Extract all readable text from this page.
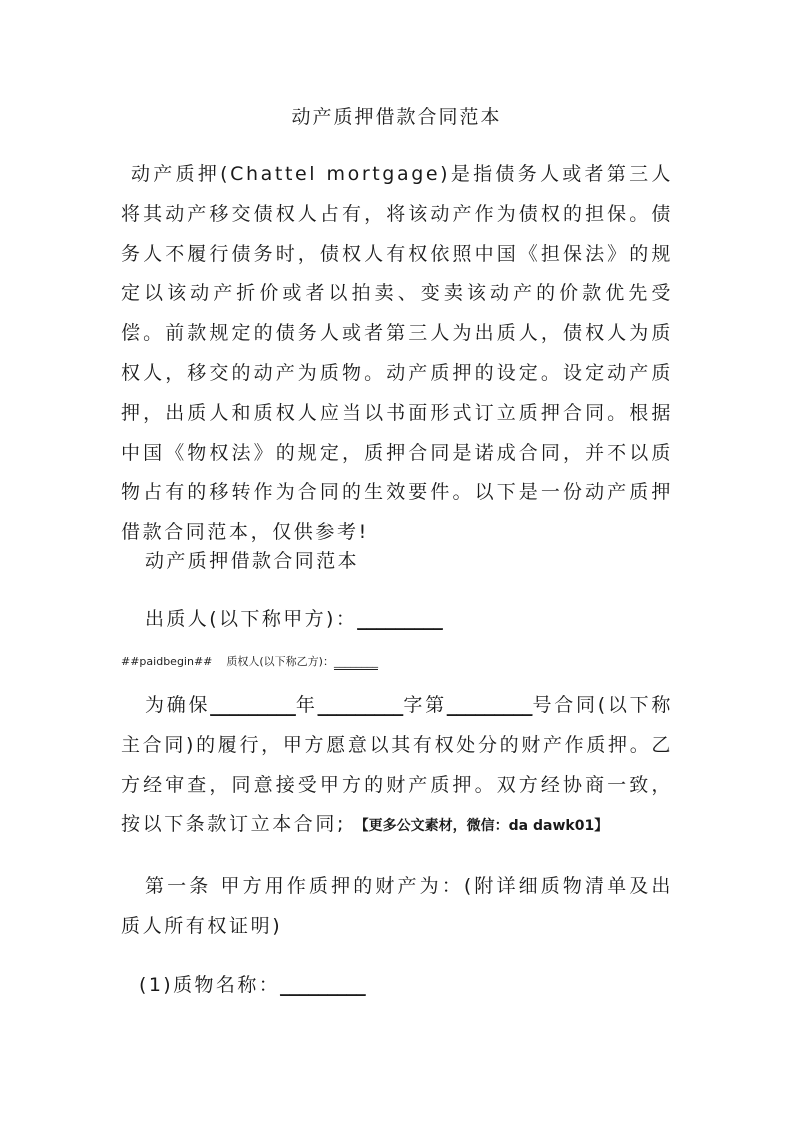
动产质押借款合同范本

动产质押(Chattel mortgage)是指债务人或者第三人将其动产移交债权人占有，将该动产作为债权的担保。债务人不履行债务时，债权人有权依照中国《担保法》的规定以该动产折价或者以拍卖、变卖该动产的价款优先受 偿。前款规定的债务人或者第三人为出质人，债权人为质权人，移交的动产为质物。动产质押的设定。设定动产质押，出质人和质权人应当以书面形式订立质押合同。根据中国《物权法》的规定，质押合同是诺成合同，并不以质物占有的移转作为合同的生效要件。以下是一份动产质押借款合同范本，仅供参考!

动产质押借款合同范本

出质人(以下称甲方)：_________

##paidbegin## 质权人(以下称乙方)：________

为确保_________年_________字第_________号合同(以下称主合同)的履行，甲方愿意以其有权处分的财产作质押。乙方经审查，同意接受甲方的财产质押。双方经协商一致，按以下条款订立本合同; 【更多公文素材，微信：da dawk01】

第一条 甲方用作质押的财产为：(附详细质物清单及出质人所有权证明)

(1)质物名称：_________
